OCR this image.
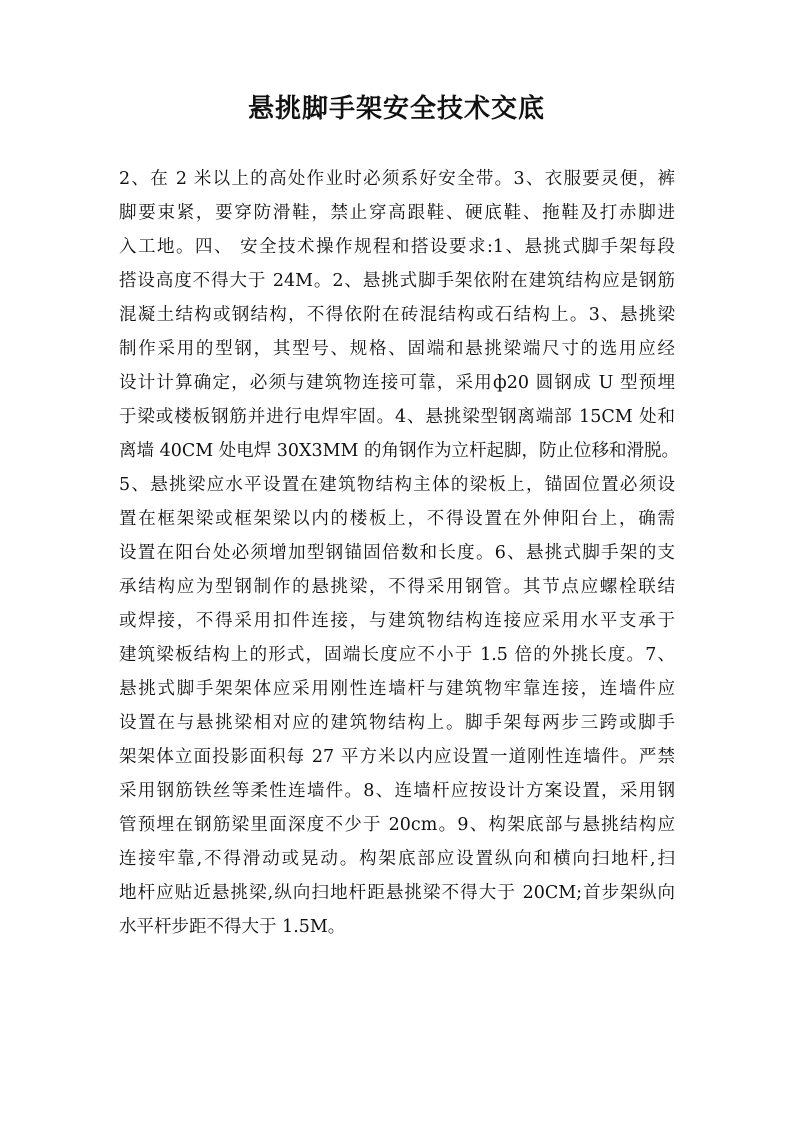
悬挑脚手架安全技术交底
2、在 2 米以上的高处作业时必须系好安全带。3、衣服要灵便，裤
脚要束紧，要穿防滑鞋，禁止穿高跟鞋、硬底鞋、拖鞋及打赤脚进
入工地。四、 安全技术操作规程和搭设要求:1、悬挑式脚手架每段
搭设高度不得大于 24M。2、悬挑式脚手架依附在建筑结构应是钢筋
混凝土结构或钢结构，不得依附在砖混结构或石结构上。3、悬挑梁
制作采用的型钢，其型号、规格、固端和悬挑梁端尺寸的选用应经
设计计算确定，必须与建筑物连接可靠，采用ф20 圆钢成 U 型预埋
于梁或楼板钢筋并进行电焊牢固。4、悬挑梁型钢离端部 15CM 处和
离墙 40CM 处电焊 30X3MM 的角钢作为立杆起脚，防止位移和滑脱。
5、悬挑梁应水平设置在建筑物结构主体的梁板上，锚固位置必须设
置在框架梁或框架梁以内的楼板上，不得设置在外伸阳台上，确需
设置在阳台处必须增加型钢锚固倍数和长度。6、悬挑式脚手架的支
承结构应为型钢制作的悬挑梁，不得采用钢管。其节点应螺栓联结
或焊接，不得采用扣件连接，与建筑物结构连接应采用水平支承于
建筑梁板结构上的形式，固端长度应不小于 1.5 倍的外挑长度。7、
悬挑式脚手架架体应采用刚性连墙杆与建筑物牢靠连接，连墙件应
设置在与悬挑梁相对应的建筑物结构上。脚手架每两步三跨或脚手
架架体立面投影面积每 27 平方米以内应设置一道刚性连墙件。严禁
采用钢筋铁丝等柔性连墙件。8、连墙杆应按设计方案设置，采用钢
管预埋在钢筋梁里面深度不少于 20cm。9、构架底部与悬挑结构应
连接牢靠,不得滑动或晃动。构架底部应设置纵向和横向扫地杆,扫
地杆应贴近悬挑梁,纵向扫地杆距悬挑梁不得大于 20CM;首步架纵向
水平杆步距不得大于 1.5M。
